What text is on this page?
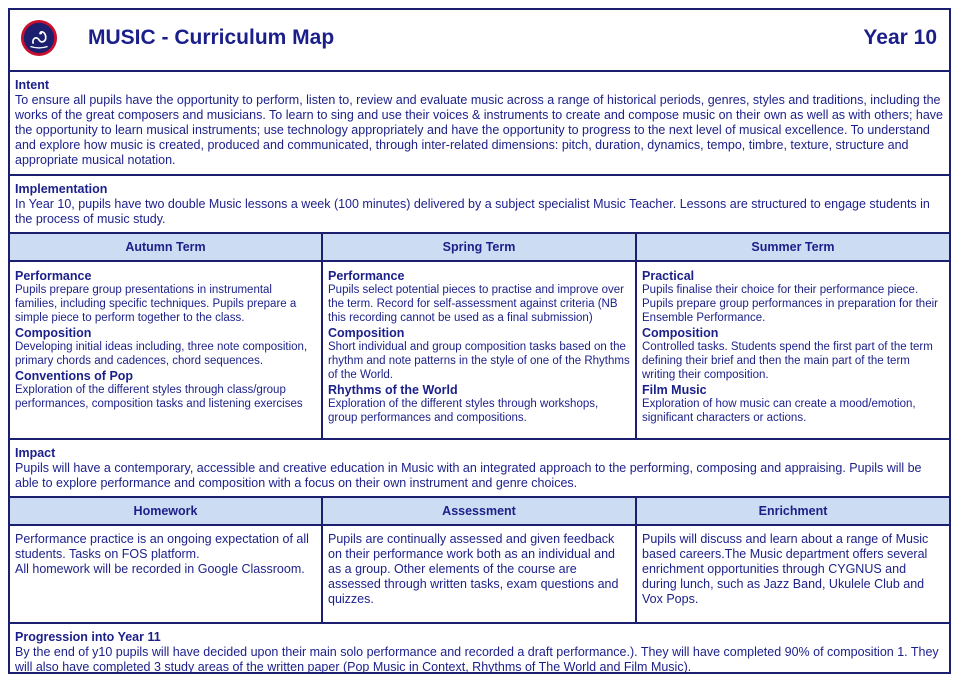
MUSIC - Curriculum Map	Year 10
Intent
To ensure all pupils have the opportunity to perform, listen to, review and evaluate music across a range of historical periods, genres, styles and traditions, including the works of the great composers and musicians. To learn to sing and use their voices & instruments to create and compose music on their own as well as with others; have the opportunity to learn musical instruments; use technology appropriately and have the opportunity to progress to the next level of musical excellence. To understand and explore how music is created, produced and communicated, through inter-related dimensions: pitch, duration, dynamics, tempo, timbre, texture, structure and appropriate musical notation.
Implementation
In Year 10, pupils have two double Music lessons a week (100 minutes) delivered by a subject specialist Music Teacher. Lessons are structured to engage students in the process of music study.
Autumn Term
Performance
Pupils prepare group presentations in instrumental families, including specific techniques. Pupils prepare a simple piece to perform together to the class.
Composition
Developing initial ideas including, three note composition, primary chords and cadences, chord sequences.
Conventions of Pop
Exploration of the different styles through class/group performances, composition tasks and listening exercises
Spring Term
Performance
Pupils select potential pieces to practise and improve over the term. Record for self-assessment against criteria (NB this recording cannot be used as a final submission)
Composition
Short individual and group composition tasks based on the rhythm and note patterns in the style of one of the Rhythms of the World.
Rhythms of the World
Exploration of the different styles through workshops, group performances and compositions.
Summer Term
Practical
Pupils finalise their choice for their performance piece. Pupils prepare group performances in preparation for their Ensemble Performance.
Composition
Controlled tasks. Students spend the first part of the term defining their brief and then the main part of the term writing their composition.
Film Music
Exploration of how music can create a mood/emotion, significant characters or actions.
Impact
Pupils will have a contemporary, accessible and creative education in Music with an integrated approach to the performing, composing and appraising. Pupils will be able to explore performance and composition with a focus on their own instrument and genre choices.
Homework
Performance practice is an ongoing expectation of all students. Tasks on FOS platform.
All homework will be recorded in Google Classroom.
Assessment
Pupils are continually assessed and given feedback on their performance work both as an individual and as a group. Other elements of the course are assessed through written tasks, exam questions and quizzes.
Enrichment
Pupils will discuss and learn about a range of Music based careers.The Music department offers several enrichment opportunities through CYGNUS and during lunch, such as Jazz Band, Ukulele Club and Vox Pops.
Progression into Year 11
By the end of y10 pupils will have decided upon their main solo performance and recorded a draft performance.). They will have completed 90% of composition 1. They will also have completed 3 study areas of the written paper (Pop Music in Context, Rhythms of The World and Film Music).
